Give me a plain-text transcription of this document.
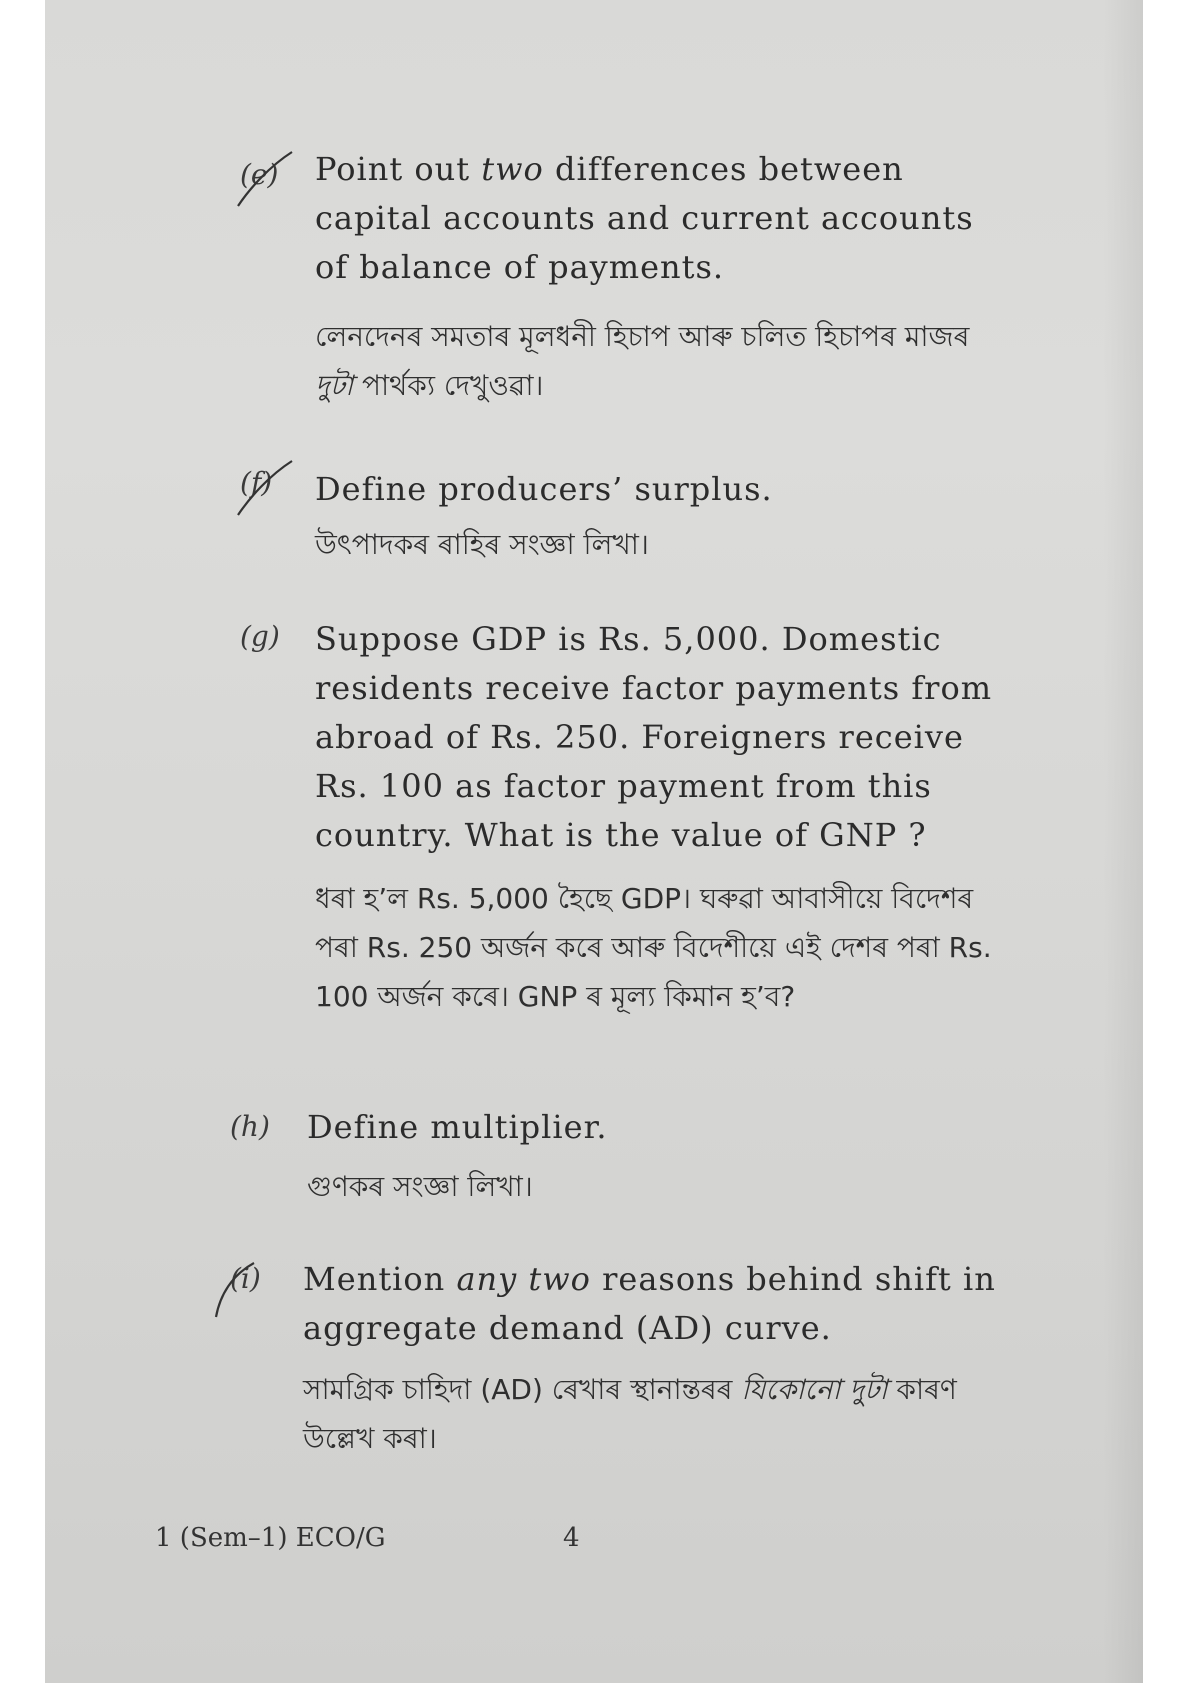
(e) Point out two differences between capital accounts and current accounts of balance of payments.

লেনদেনৰ সমতাৰ মূলধনী হিচাপ আৰু চলিত হিচাপৰ মাজৰ দুটা পাৰ্থক্য দেখুওৱা।

(f) Define producers’ surplus.

উৎপাদকৰ ৰাহিৰ সংজ্ঞা লিখা।

(g) Suppose GDP is Rs. 5,000. Domestic residents receive factor payments from abroad of Rs. 250. Foreigners receive Rs. 100 as factor payment from this country. What is the value of GNP ?

ধৰা হ’ল Rs. 5,000 হৈছে GDP। ঘৰুৱা আবাসীয়ে বিদেশৰ পৰা Rs. 250 অৰ্জন কৰে আৰু বিদেশীয়ে এই দেশৰ পৰা Rs. 100 অৰ্জন কৰে। GNP ৰ মূল্য কিমান হ’ব?

(h) Define multiplier.

গুণকৰ সংজ্ঞা লিখা।

(i) Mention any two reasons behind shift in aggregate demand (AD) curve.

সামগ্ৰিক চাহিদা (AD) ৰেখাৰ স্থানান্তৰৰ যিকোনো দুটা কাৰণ উল্লেখ কৰা।

1 (Sem–1) ECO/G	4
